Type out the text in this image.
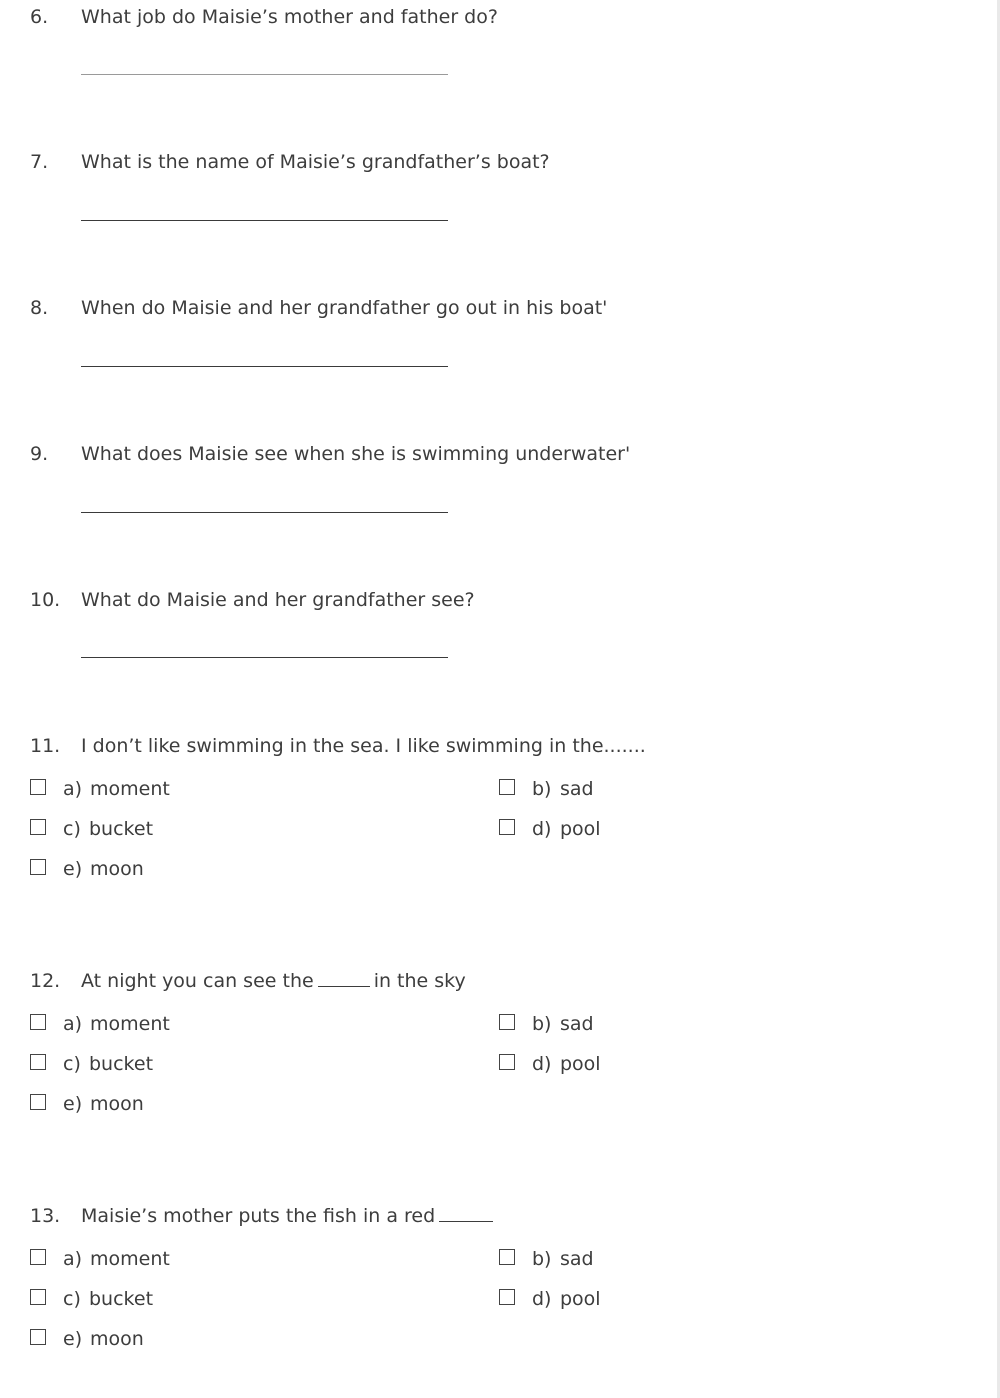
6. What job do Maisie’s mother and father do?
7. What is the name of Maisie’s grandfather’s boat?
8. When do Maisie and her grandfather go out in his boat'
9. What does Maisie see when she is swimming underwater'
10. What do Maisie and her grandfather see?
11. I don’t like swimming in the sea. I like swimming in the.......
a) moment	b) sad
c) bucket	d) pool
e) moon
12. At night you can see the	in the sky
a) moment	b) sad
c) bucket	d) pool
e) moon
13. Maisie’s mother puts the fish in a red
a) moment	b) sad
c) bucket	d) pool
e) moon
